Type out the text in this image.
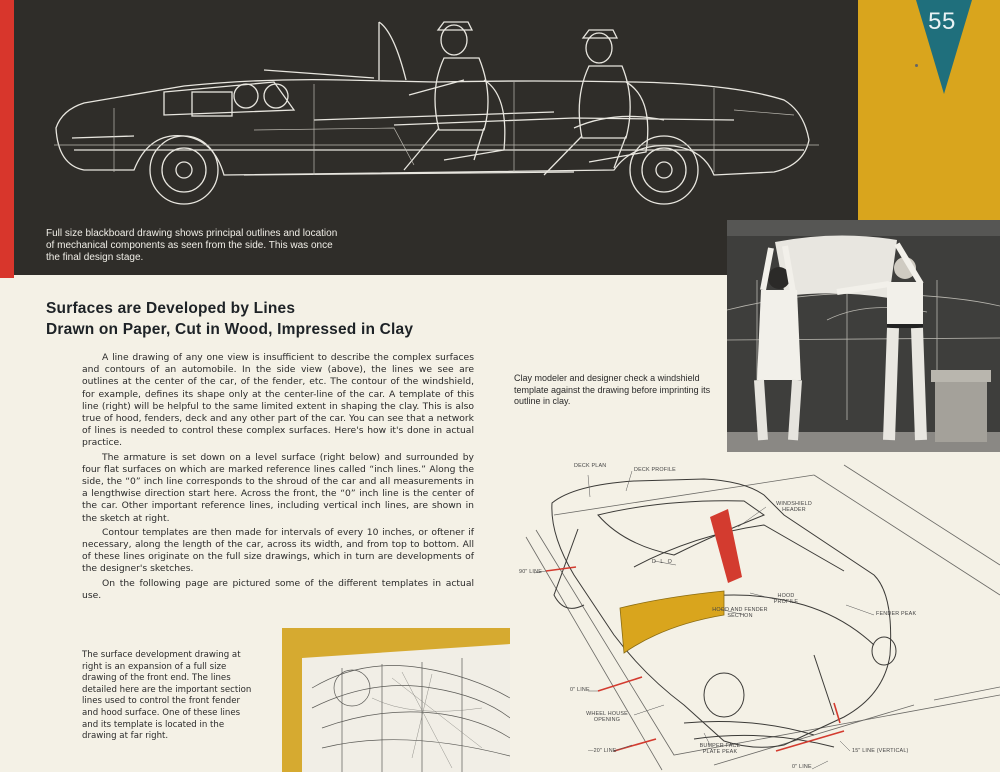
55
Full size blackboard drawing shows principal outlines and location of mechanical components as seen from the side. This was once the final design stage.
Surfaces are Developed by Lines
Drawn on Paper, Cut in Wood, Impressed in Clay

A line drawing of any one view is insufficient to describe the complex surfaces and contours of an automobile. In the side view (above), the lines we see are outlines at the center of the car, of the fender, etc. The contour of the windshield, for example, defines its shape only at the center-line of the car. A template of this line (right) will be helpful to the same limited extent in shaping the clay. This is also true of hood, fenders, deck and any other part of the car. You can see that a network of lines is needed to control these complex surfaces. Here's how it's done in actual practice.

The armature is set down on a level surface (right below) and surrounded by four flat surfaces on which are marked reference lines called “inch lines.” Along the side, the “0” inch line corresponds to the shroud of the car and all measurements in a lengthwise direction start here. Across the front, the “0” inch line is the center of the car. Other important reference lines, including vertical inch lines, are shown in the sketch at right.

Contour templates are then made for intervals of every 10 inches, or oftener if necessary, along the length of the car, across its width, and from top to bottom. All of these lines originate on the full size drawings, which in turn are developments of the designer's sketches.

On the following page are pictured some of the different templates in actual use.

Clay modeler and designer check a windshield template against the drawing before imprinting its outline in clay.
The surface development drawing at right is an expansion of a full size drawing of the front end. The lines detailed here are the important section lines used to control the front fender and hood surface. One of these lines and its template is located in the drawing at far right.
DECK PLAN
DECK PROFILE
WINDSHIELD HEADER
D L O
90" LINE
HOOD PROFILE
HOOD AND FENDER SECTION	FENDER PEAK
0" LINE
WHEEL HOUSE OPENING
—20" LINE
BUMPER FACE PLATE PEAK	15" LINE (VERTICAL)
0" LINE
